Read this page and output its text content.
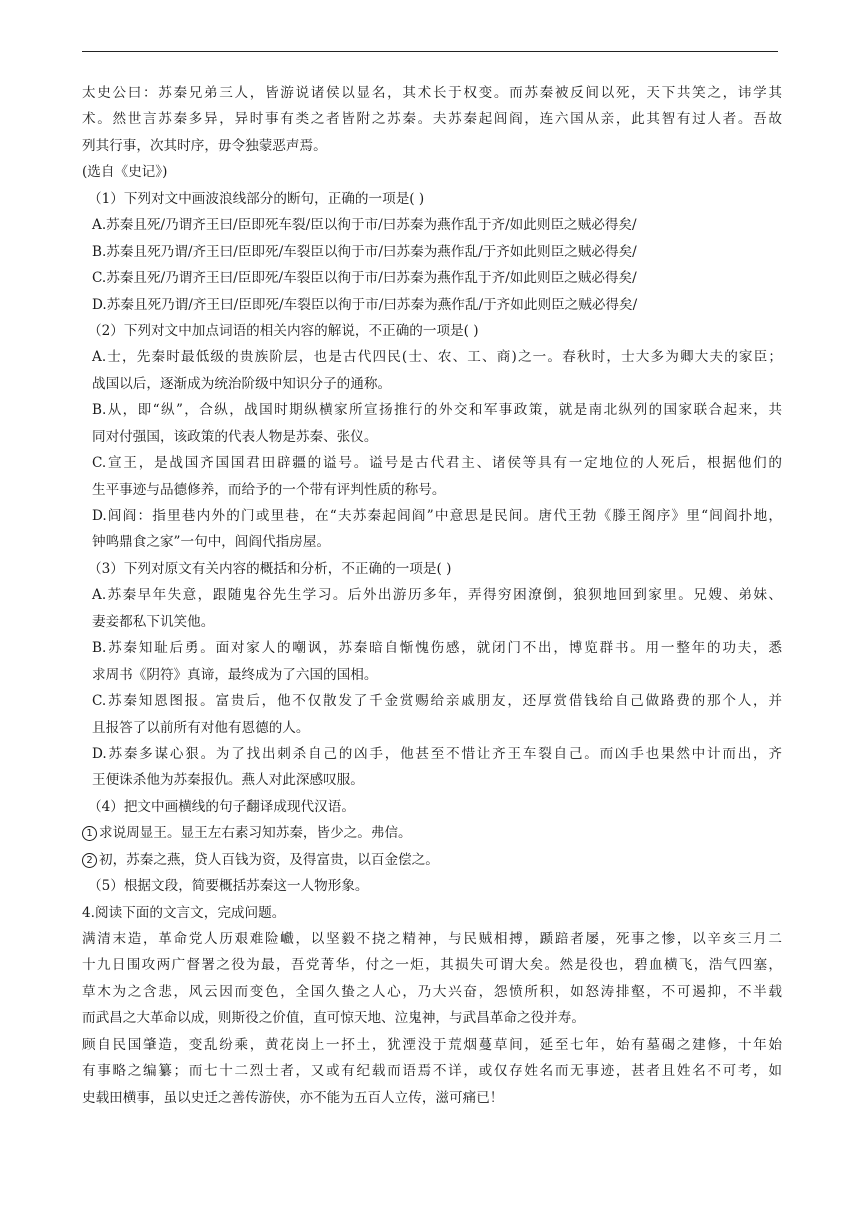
太史公曰：苏秦兄弟三人，皆游说诸侯以显名，其术长于权变。而苏秦被反间以死，天下共笑之，讳学其
术。然世言苏秦多异，异时事有类之者皆附之苏秦。夫苏秦起闾阎，连六国从亲，此其智有过人者。吾故
列其行事，次其时序，毋令独蒙恶声焉。
(选自《史记》)
（1）下列对文中画波浪线部分的断句，正确的一项是( )
A.苏秦且死/乃谓齐王曰/臣即死车裂/臣以徇于市/曰苏秦为燕作乱于齐/如此则臣之贼必得矣/
B.苏秦且死乃谓/齐王曰/臣即死/车裂臣以徇于市/曰苏秦为燕作乱/于齐如此则臣之贼必得矣/
C.苏秦且死/乃谓齐王曰/臣即死/车裂臣以徇于市/曰苏秦为燕作乱于齐/如此则臣之贼必得矣/
D.苏秦且死乃谓/齐王曰/臣即死/车裂臣以徇于市/曰苏秦为燕作乱/于齐如此则臣之贼必得矣/
（2）下列对文中加点词语的相关内容的解说，不正确的一项是( )
A.士，先秦时最低级的贵族阶层，也是古代四民(士、农、工、商)之一。春秋时，士大多为卿大夫的家臣；
战国以后，逐渐成为统治阶级中知识分子的通称。
B.从，即“纵”，合纵，战国时期纵横家所宣扬推行的外交和军事政策，就是南北纵列的国家联合起来，共
同对付强国，该政策的代表人物是苏秦、张仪。
C.宣王，是战国齐国国君田辟疆的谥号。谥号是古代君主、诸侯等具有一定地位的人死后，根据他们的
生平事迹与品德修养，而给予的一个带有评判性质的称号。
D.闾阎：指里巷内外的门或里巷，在“夫苏秦起闾阎”中意思是民间。唐代王勃《滕王阁序》里“闾阎扑地，
钟鸣鼎食之家”一句中，闾阎代指房屋。
（3）下列对原文有关内容的概括和分析，不正确的一项是( )
A.苏秦早年失意，跟随鬼谷先生学习。后外出游历多年，弄得穷困潦倒，狼狈地回到家里。兄嫂、弟妹、
妻妾都私下讥笑他。
B.苏秦知耻后勇。面对家人的嘲讽，苏秦暗自惭愧伤感，就闭门不出，博览群书。用一整年的功夫，悉
求周书《阴符》真谛，最终成为了六国的国相。
C.苏秦知恩图报。富贵后，他不仅散发了千金赏赐给亲戚朋友，还厚赏借钱给自己做路费的那个人，并
且报答了以前所有对他有恩德的人。
D.苏秦多谋心狠。为了找出刺杀自己的凶手，他甚至不惜让齐王车裂自己。而凶手也果然中计而出，齐
王便诛杀他为苏秦报仇。燕人对此深感叹服。
（4）把文中画横线的句子翻译成现代汉语。
1 求说周显王。显王左右素习知苏秦，皆少之。弗信。
2 初，苏秦之燕，贷人百钱为资，及得富贵，以百金偿之。
（5）根据文段，简要概括苏秦这一人物形象。
4.阅读下面的文言文，完成问题。
满清末造，革命党人历艰难险巇，以坚毅不挠之精神，与民贼相搏，踬踣者屡，死事之惨，以辛亥三月二
十九日围攻两广督署之役为最，吾党菁华，付之一炬，其损失可谓大矣。然是役也，碧血横飞，浩气四塞，
草木为之含悲，风云因而变色，全国久蛰之人心，乃大兴奋，怨愤所积，如怒涛排壑，不可遏抑，不半载
而武昌之大革命以成，则斯役之价值，直可惊天地、泣鬼神，与武昌革命之役并寿。
顾自民国肇造，变乱纷乘，黄花岗上一抔土，犹湮没于荒烟蔓草间，延至七年，始有墓碣之建修，十年始
有事略之编纂；而七十二烈士者，又或有纪载而语焉不详，或仅存姓名而无事迹，甚者且姓名不可考，如
史载田横事，虽以史迁之善传游侠，亦不能为五百人立传，滋可痛已！
